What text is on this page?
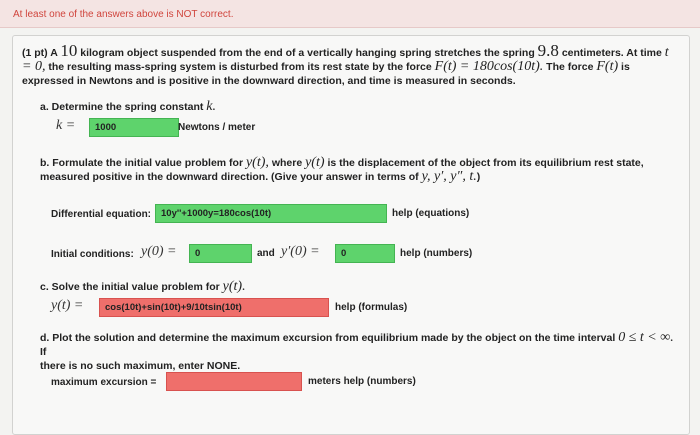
At least one of the answers above is NOT correct.
(1 pt) A 10 kilogram object suspended from the end of a vertically hanging spring stretches the spring 9.8 centimeters. At time t = 0, the resulting mass-spring system is disturbed from its rest state by the force F(t) = 180cos(10t). The force F(t) is expressed in Newtons and is positive in the downward direction, and time is measured in seconds.
a. Determine the spring constant k.
k =	1000	Newtons / meter
b. Formulate the initial value problem for y(t), where y(t) is the displacement of the object from its equilibrium rest state,
measured positive in the downward direction. (Give your answer in terms of y, y′, y″, t.)
Differential equation:	10y''+1000y=180cos(10t)	help (equations)
Initial conditions: y(0) =	0	and y′(0) =	0	help (numbers)
c. Solve the initial value problem for y(t).
y(t) =	cos(10t)+sin(10t)+9/10tsin(10t)	help (formulas)
d. Plot the solution and determine the maximum excursion from equilibrium made by the object on the time interval 0 ≤ t < ∞. If
there is no such maximum, enter NONE.
maximum excursion =	meters help (numbers)
